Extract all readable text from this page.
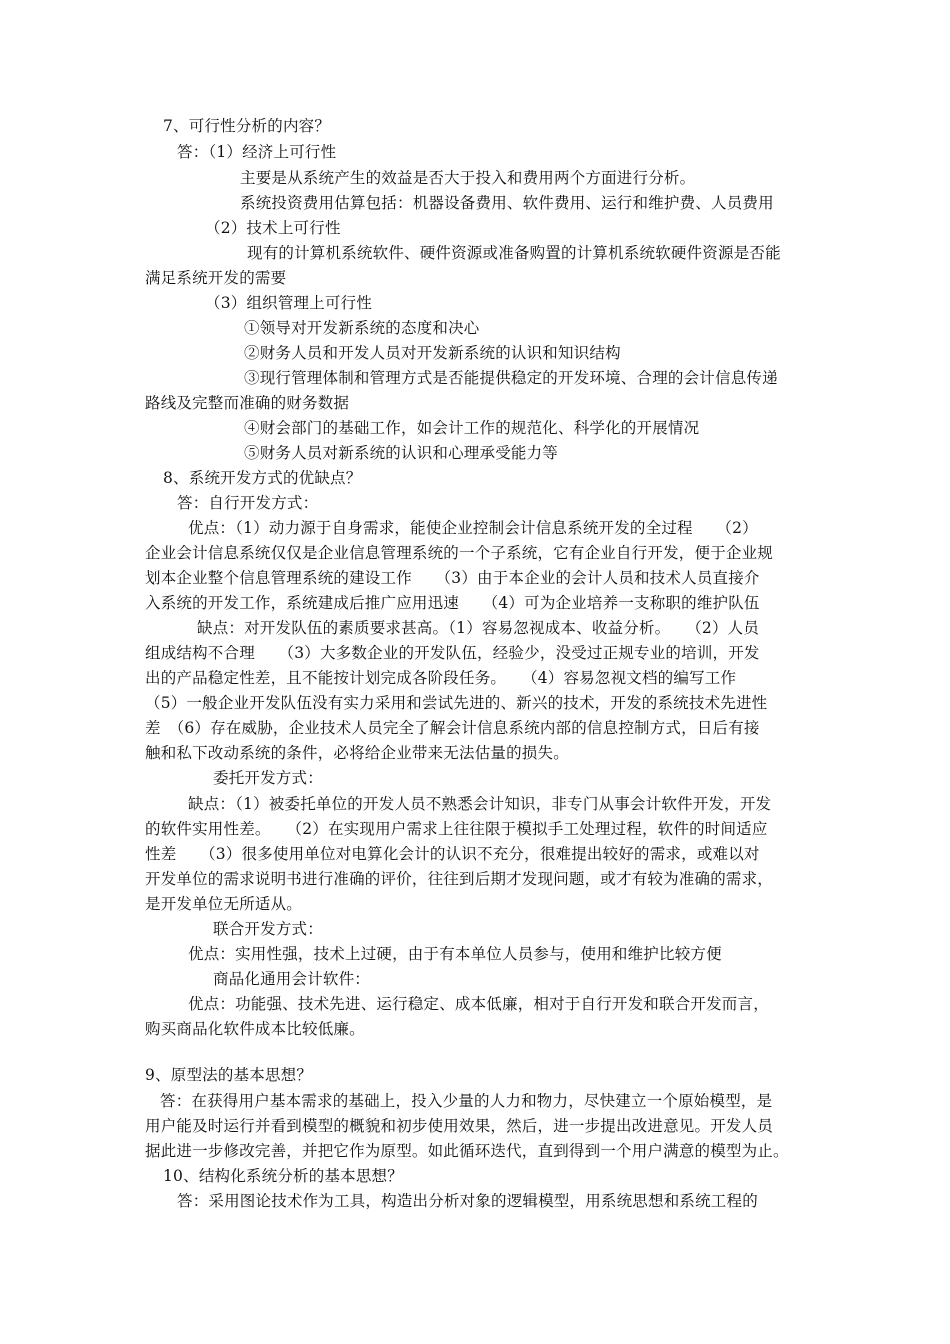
7、可行性分析的内容？
答：（1）经济上可行性
主要是从系统产生的效益是否大于投入和费用两个方面进行分析。
系统投资费用估算包括：机器设备费用、软件费用、运行和维护费、人员费用
（2）技术上可行性
现有的计算机系统软件、硬件资源或准备购置的计算机系统软硬件资源是否能
满足系统开发的需要
（3）组织管理上可行性
①领导对开发新系统的态度和决心
②财务人员和开发人员对开发新系统的认识和知识结构
③现行管理体制和管理方式是否能提供稳定的开发环境、合理的会计信息传递
路线及完整而准确的财务数据
④财会部门的基础工作，如会计工作的规范化、科学化的开展情况
⑤财务人员对新系统的认识和心理承受能力等
8、系统开发方式的优缺点？
答：自行开发方式：
优点：（1）动力源于自身需求，能使企业控制会计信息系统开发的全过程　　（2）
企业会计信息系统仅仅是企业信息管理系统的一个子系统，它有企业自行开发，便于企业规
划本企业整个信息管理系统的建设工作　　（3）由于本企业的会计人员和技术人员直接介
入系统的开发工作，系统建成后推广应用迅速　　（4）可为企业培养一支称职的维护队伍
缺点：对开发队伍的素质要求甚高。（1）容易忽视成本、收益分析。　　（2）人员
组成结构不合理　　（3）大多数企业的开发队伍，经验少，没受过正规专业的培训，开发
出的产品稳定性差，且不能按计划完成各阶段任务。　　（4）容易忽视文档的编写工作
（5）一般企业开发队伍没有实力采用和尝试先进的、新兴的技术，开发的系统技术先进性
差　（6）存在威胁，企业技术人员完全了解会计信息系统内部的信息控制方式，日后有接
触和私下改动系统的条件，必将给企业带来无法估量的损失。
委托开发方式：
缺点：（1）被委托单位的开发人员不熟悉会计知识，非专门从事会计软件开发，开发
的软件实用性差。　　（2）在实现用户需求上往往限于模拟手工处理过程，软件的时间适应
性差　　（3）很多使用单位对电算化会计的认识不充分，很难提出较好的需求，或难以对
开发单位的需求说明书进行准确的评价，往往到后期才发现问题，或才有较为准确的需求，
是开发单位无所适从。
联合开发方式：
优点：实用性强，技术上过硬，由于有本单位人员参与，使用和维护比较方便
商品化通用会计软件：
优点：功能强、技术先进、运行稳定、成本低廉，相对于自行开发和联合开发而言，
购买商品化软件成本比较低廉。
9、原型法的基本思想？
答：在获得用户基本需求的基础上，投入少量的人力和物力，尽快建立一个原始模型，是
用户能及时运行并看到模型的概貌和初步使用效果，然后，进一步提出改进意见。开发人员
据此进一步修改完善，并把它作为原型。如此循环迭代，直到得到一个用户满意的模型为止。
10、结构化系统分析的基本思想？
答：采用图论技术作为工具，构造出分析对象的逻辑模型，用系统思想和系统工程的
